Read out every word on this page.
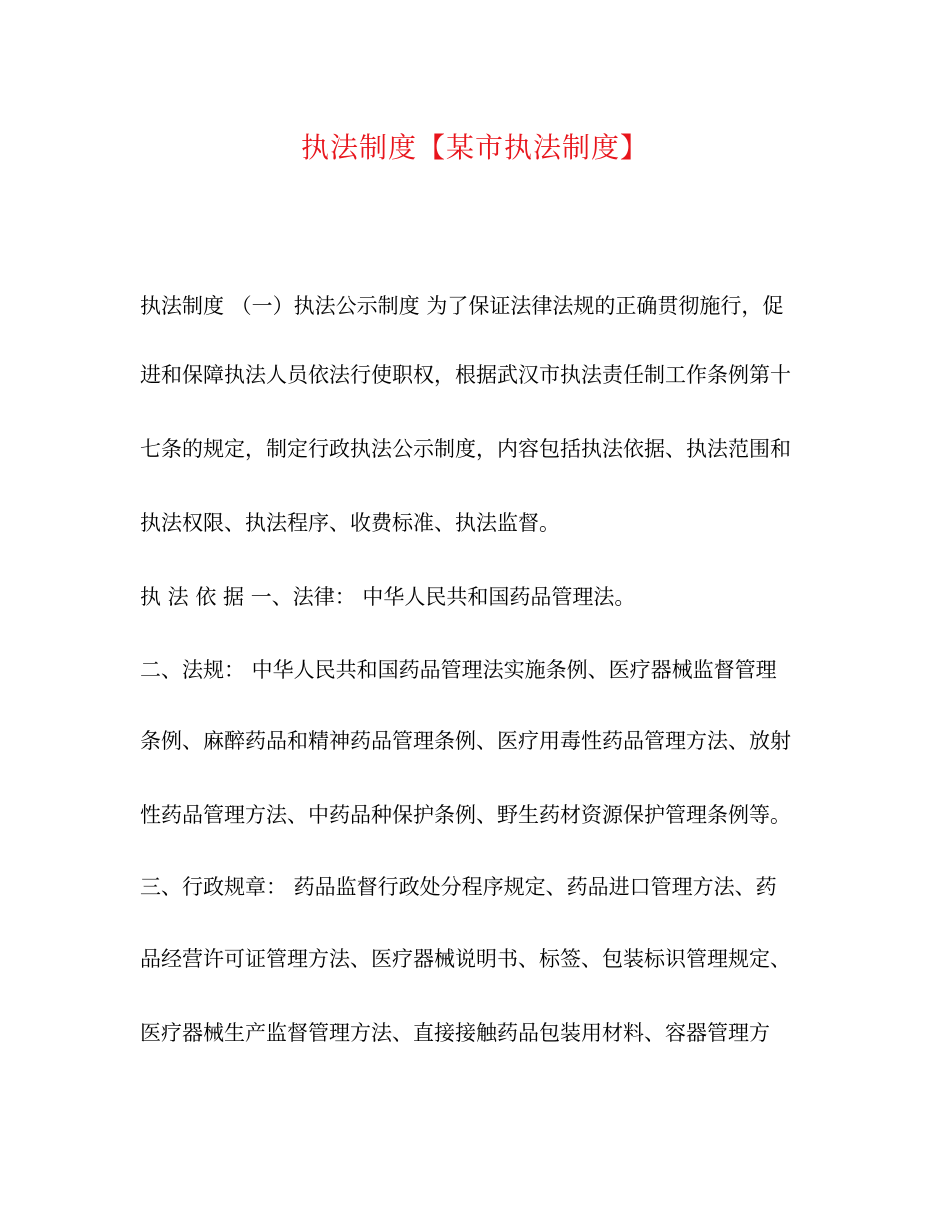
执法制度【某市执法制度】
执法制度 （一）执法公示制度 为了保证法律法规的正确贯彻施行，促
进和保障执法人员依法行使职权，根据武汉市执法责任制工作条例第十
七条的规定，制定行政执法公示制度，内容包括执法依据、执法范围和
执法权限、执法程序、收费标准、执法监督。
执 法 依 据 一、法律： 中华人民共和国药品管理法。
二、法规： 中华人民共和国药品管理法实施条例、医疗器械监督管理
条例、麻醉药品和精神药品管理条例、医疗用毒性药品管理方法、放射
性药品管理方法、中药品种保护条例、野生药材资源保护管理条例等。
三、行政规章： 药品监督行政处分程序规定、药品进口管理方法、药
品经营许可证管理方法、医疗器械说明书、标签、包装标识管理规定、
医疗器械生产监督管理方法、直接接触药品包装用材料、容器管理方
